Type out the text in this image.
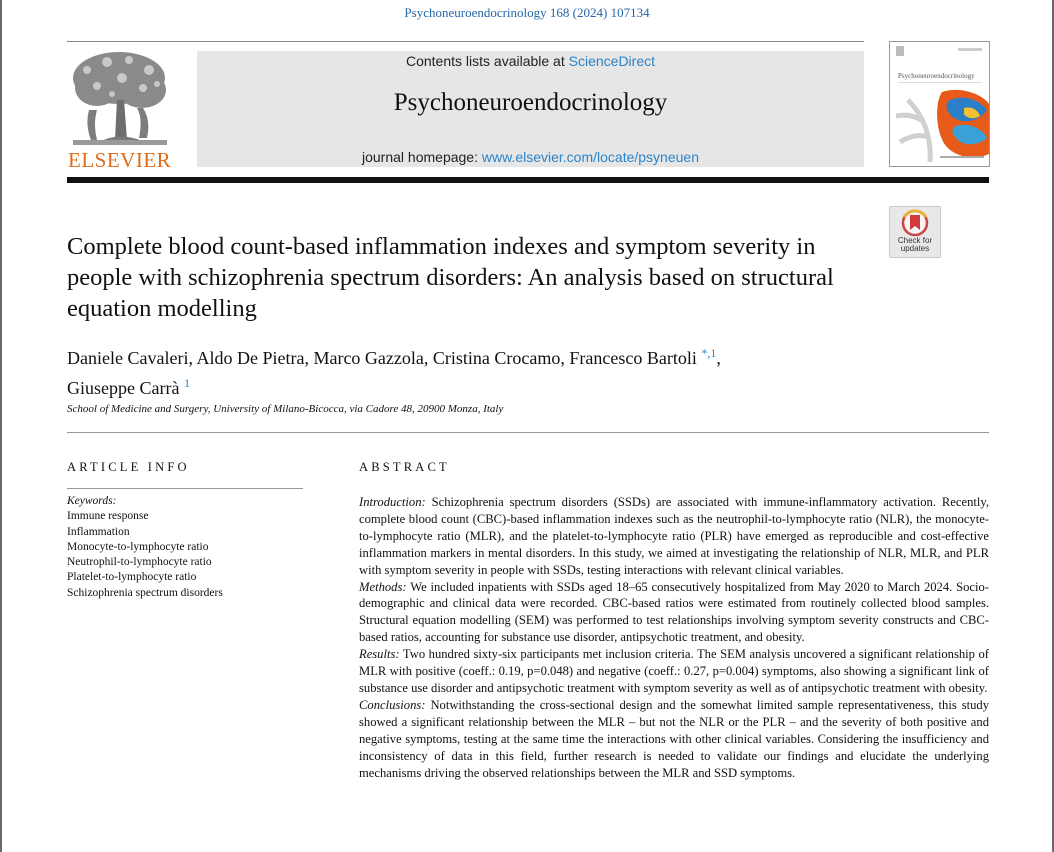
Psychoneuroendocrinology 168 (2024) 107134
ELSEVIER
Contents lists available at ScienceDirect
Psychoneuroendocrinology
journal homepage: www.elsevier.com/locate/psyneuen
Psychoneuroendocrinology
Check for updates
Complete blood count-based inflammation indexes and symptom severity in people with schizophrenia spectrum disorders: An analysis based on structural equation modelling
Daniele Cavaleri, Aldo De Pietra, Marco Gazzola, Cristina Crocamo, Francesco Bartoli $^{*,1}$,
Giuseppe Carrà $^1$
School of Medicine and Surgery, University of Milano-Bicocca, via Cadore 48, 20900 Monza, Italy
ARTICLE INFO	ABSTRACT
Keywords:
Immune response
Inflammation
Monocyte-to-lymphocyte ratio
Neutrophil-to-lymphocyte ratio
Platelet-to-lymphocyte ratio
Schizophrenia spectrum disorders

Introduction: Schizophrenia spectrum disorders (SSDs) are associated with immune-inflammatory activation. Recently, complete blood count (CBC)-based inflammation indexes such as the neutrophil-to-lymphocyte ratio (NLR), the monocyte-to-lymphocyte ratio (MLR), and the platelet-to-lymphocyte ratio (PLR) have emerged as reproducible and cost-effective inflammation markers in mental disorders. In this study, we aimed at investigating the relationship of NLR, MLR, and PLR with symptom severity in people with SSDs, testing interactions with relevant clinical variables.

Methods: We included inpatients with SSDs aged 18–65 consecutively hospitalized from May 2020 to March 2024. Socio-demographic and clinical data were recorded. CBC-based ratios were estimated from routinely collected blood samples. Structural equation modelling (SEM) was performed to test relationships involving symptom severity constructs and CBC-based ratios, accounting for substance use disorder, antipsychotic treatment, and obesity.

Results: Two hundred sixty-six participants met inclusion criteria. The SEM analysis uncovered a significant relationship of MLR with positive (coeff.: 0.19, p=0.048) and negative (coeff.: 0.27, p=0.004) symptoms, also showing a significant link of substance use disorder and antipsychotic treatment with symptom severity as well as of antipsychotic treatment with obesity.

Conclusions: Notwithstanding the cross-sectional design and the somewhat limited sample representativeness, this study showed a significant relationship between the MLR – but not the NLR or the PLR – and the severity of both positive and negative symptoms, testing at the same time the interactions with other clinical variables. Considering the insufficiency and inconsistency of data in this field, further research is needed to validate our findings and elucidate the underlying mechanisms driving the observed relationships between the MLR and SSD symptoms.
